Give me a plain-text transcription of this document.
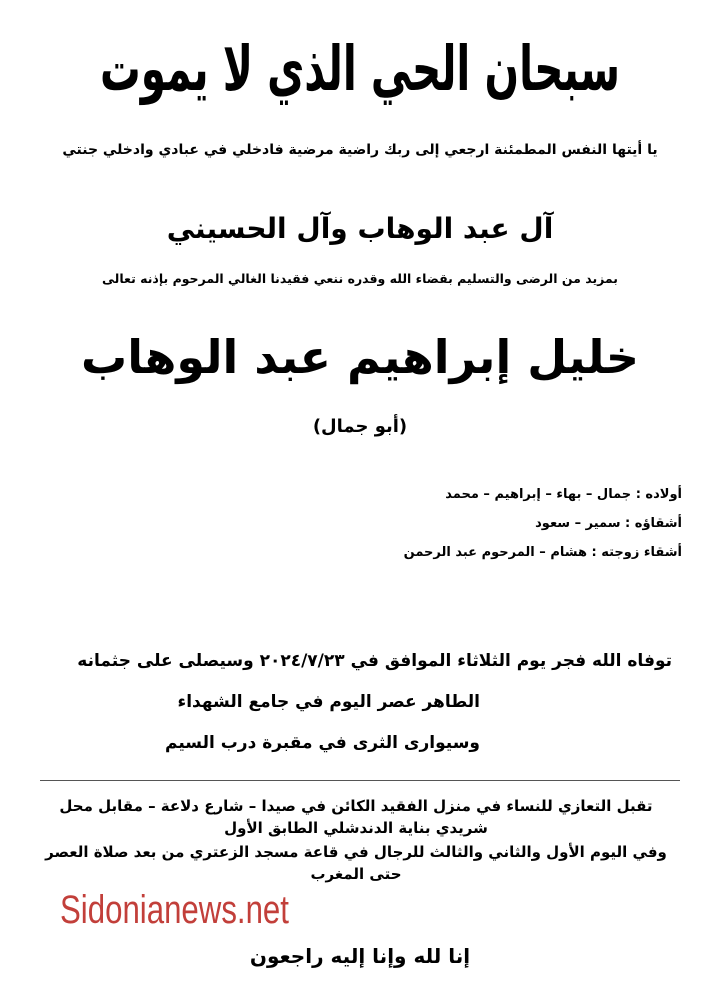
سبحان الحي الذي لا يموت
يا أيتها النفس المطمئنة ارجعي إلى ربك راضية مرضية فادخلي في عبادي وادخلي جنتي
آل عبد الوهاب وآل الحسيني
بمزيد من الرضى والتسليم بقضاء الله وقدره ننعي فقيدنا الغالي المرحوم بإذنه تعالى
خليل إبراهيم عبد الوهاب
(أبو جمال)
أولاده : جمال – بهاء – إبراهيم – محمد
أشقاؤه : سمير – سعود
أشقاء زوجته : هشام – المرحوم عبد الرحمن
توفاه الله فجر يوم الثلاثاء الموافق في ٢٠٢٤/٧/٢٣ وسيصلى على جثمانه
الطاهر عصر اليوم في جامع الشهداء
وسيوارى الثرى في مقبرة درب السيم

تقبل التعازي للنساء في منزل الفقيد الكائن في صيدا – شارع دلاعة – مقابل محل شريدي بناية الدندشلي الطابق الأول

وفي اليوم الأول والثاني والثالث للرجال في قاعة مسجد الزعتري من بعد صلاة العصر حتى المغرب

Sidonianews.net
إنا لله وإنا إليه راجعون
